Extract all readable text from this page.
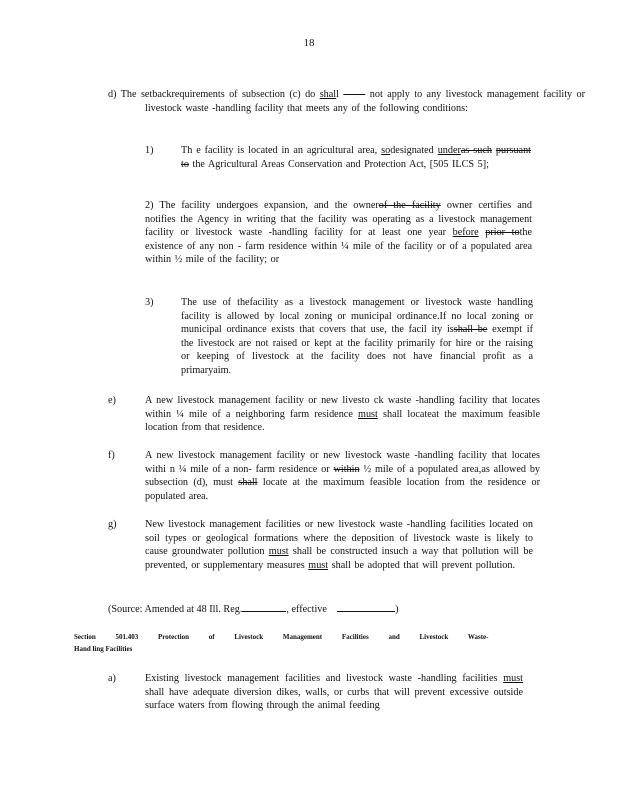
18
d) The setbackrequirements of subsection (c) do shall	not apply to any livestock management facility or livestock waste -handling facility that meets any of the following conditions:
1)	Th e facility is located in an agricultural area, sodesignated underas such pursuant to the Agricultural Areas Conservation and Protection Act, [505 ILCS 5];
2) The facility undergoes expansion, and the ownerof the facility owner certifies and notifies the Agency in writing that the facility was operating as a livestock management facility or livestock waste -handling facility for at least one year before prior tothe existence of any non - farm residence within ¼ mile of the facility or of a populated area within ½ mile of the facility; or
3)	The use of thefacility as a livestock management or livestock waste handling facility is allowed by local zoning or municipal ordinance.If no local zoning or municipal ordinance exists that covers that use, the facil ity isshall be exempt if the livestock are not raised or kept at the facility primarily for hire or the raising or keeping of livestock at the facility does not have financial profit as a primaryaim.
e)	A new livestock management facility or new livesto ck waste -handling facility that locates within ¼ mile of a neighboring farm residence must shall locateat the maximum feasible location from that residence.
f)	A new livestock management facility or new livestock waste -handling facility that locates withi n ¼ mile of a non- farm residence or within ½ mile of a populated area,as allowed by subsection (d), must shall locate at the maximum feasible location from the residence or populated area.
g)	New livestock management facilities or new livestock waste -handling facilities located on soil types or geological formations where the deposition of livestock waste is likely to cause groundwater pollution must shall be constructed insuch a way that pollution will be prevented, or supplementary measures must shall be adopted that will prevent pollution.
(Source: Amended at 48 Ill. Reg.	, effective	)
Section 501.403 Protection of Livestock Management Facilities and Livestock Waste-
Hand ling Facilities
a)	Existing livestock management facilities and livestock waste -handling facilities must shall have adequate diversion dikes, walls, or curbs that will prevent excessive outside surface waters from flowing through the animal feeding
